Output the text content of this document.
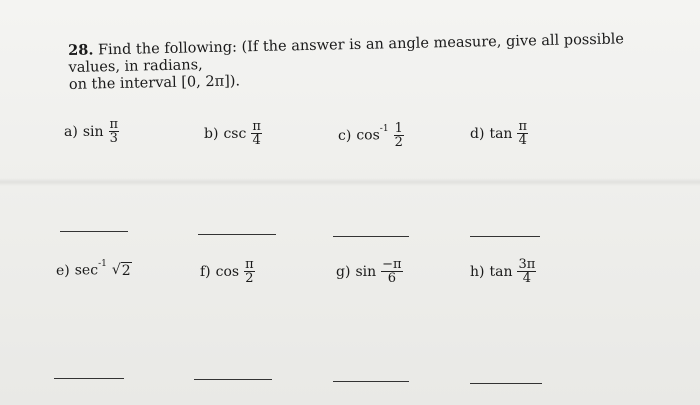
28. Find the following: (If the answer is an angle measure, give all possible values, in radians,
on the interval [0, 2π]).
a) $\sin \frac{\pi}{3}$	b) $\csc \frac{\pi}{4}$	c) $\cos^{-1} \frac{1}{2}$	d) $\tan \frac{\pi}{4}$
e) $\sec^{-1}$ √ 2	f) $\cos \frac{\pi}{2}$	g) $\sin \frac{-\pi}{6}$	h) $\tan \frac{3\pi}{4}$
